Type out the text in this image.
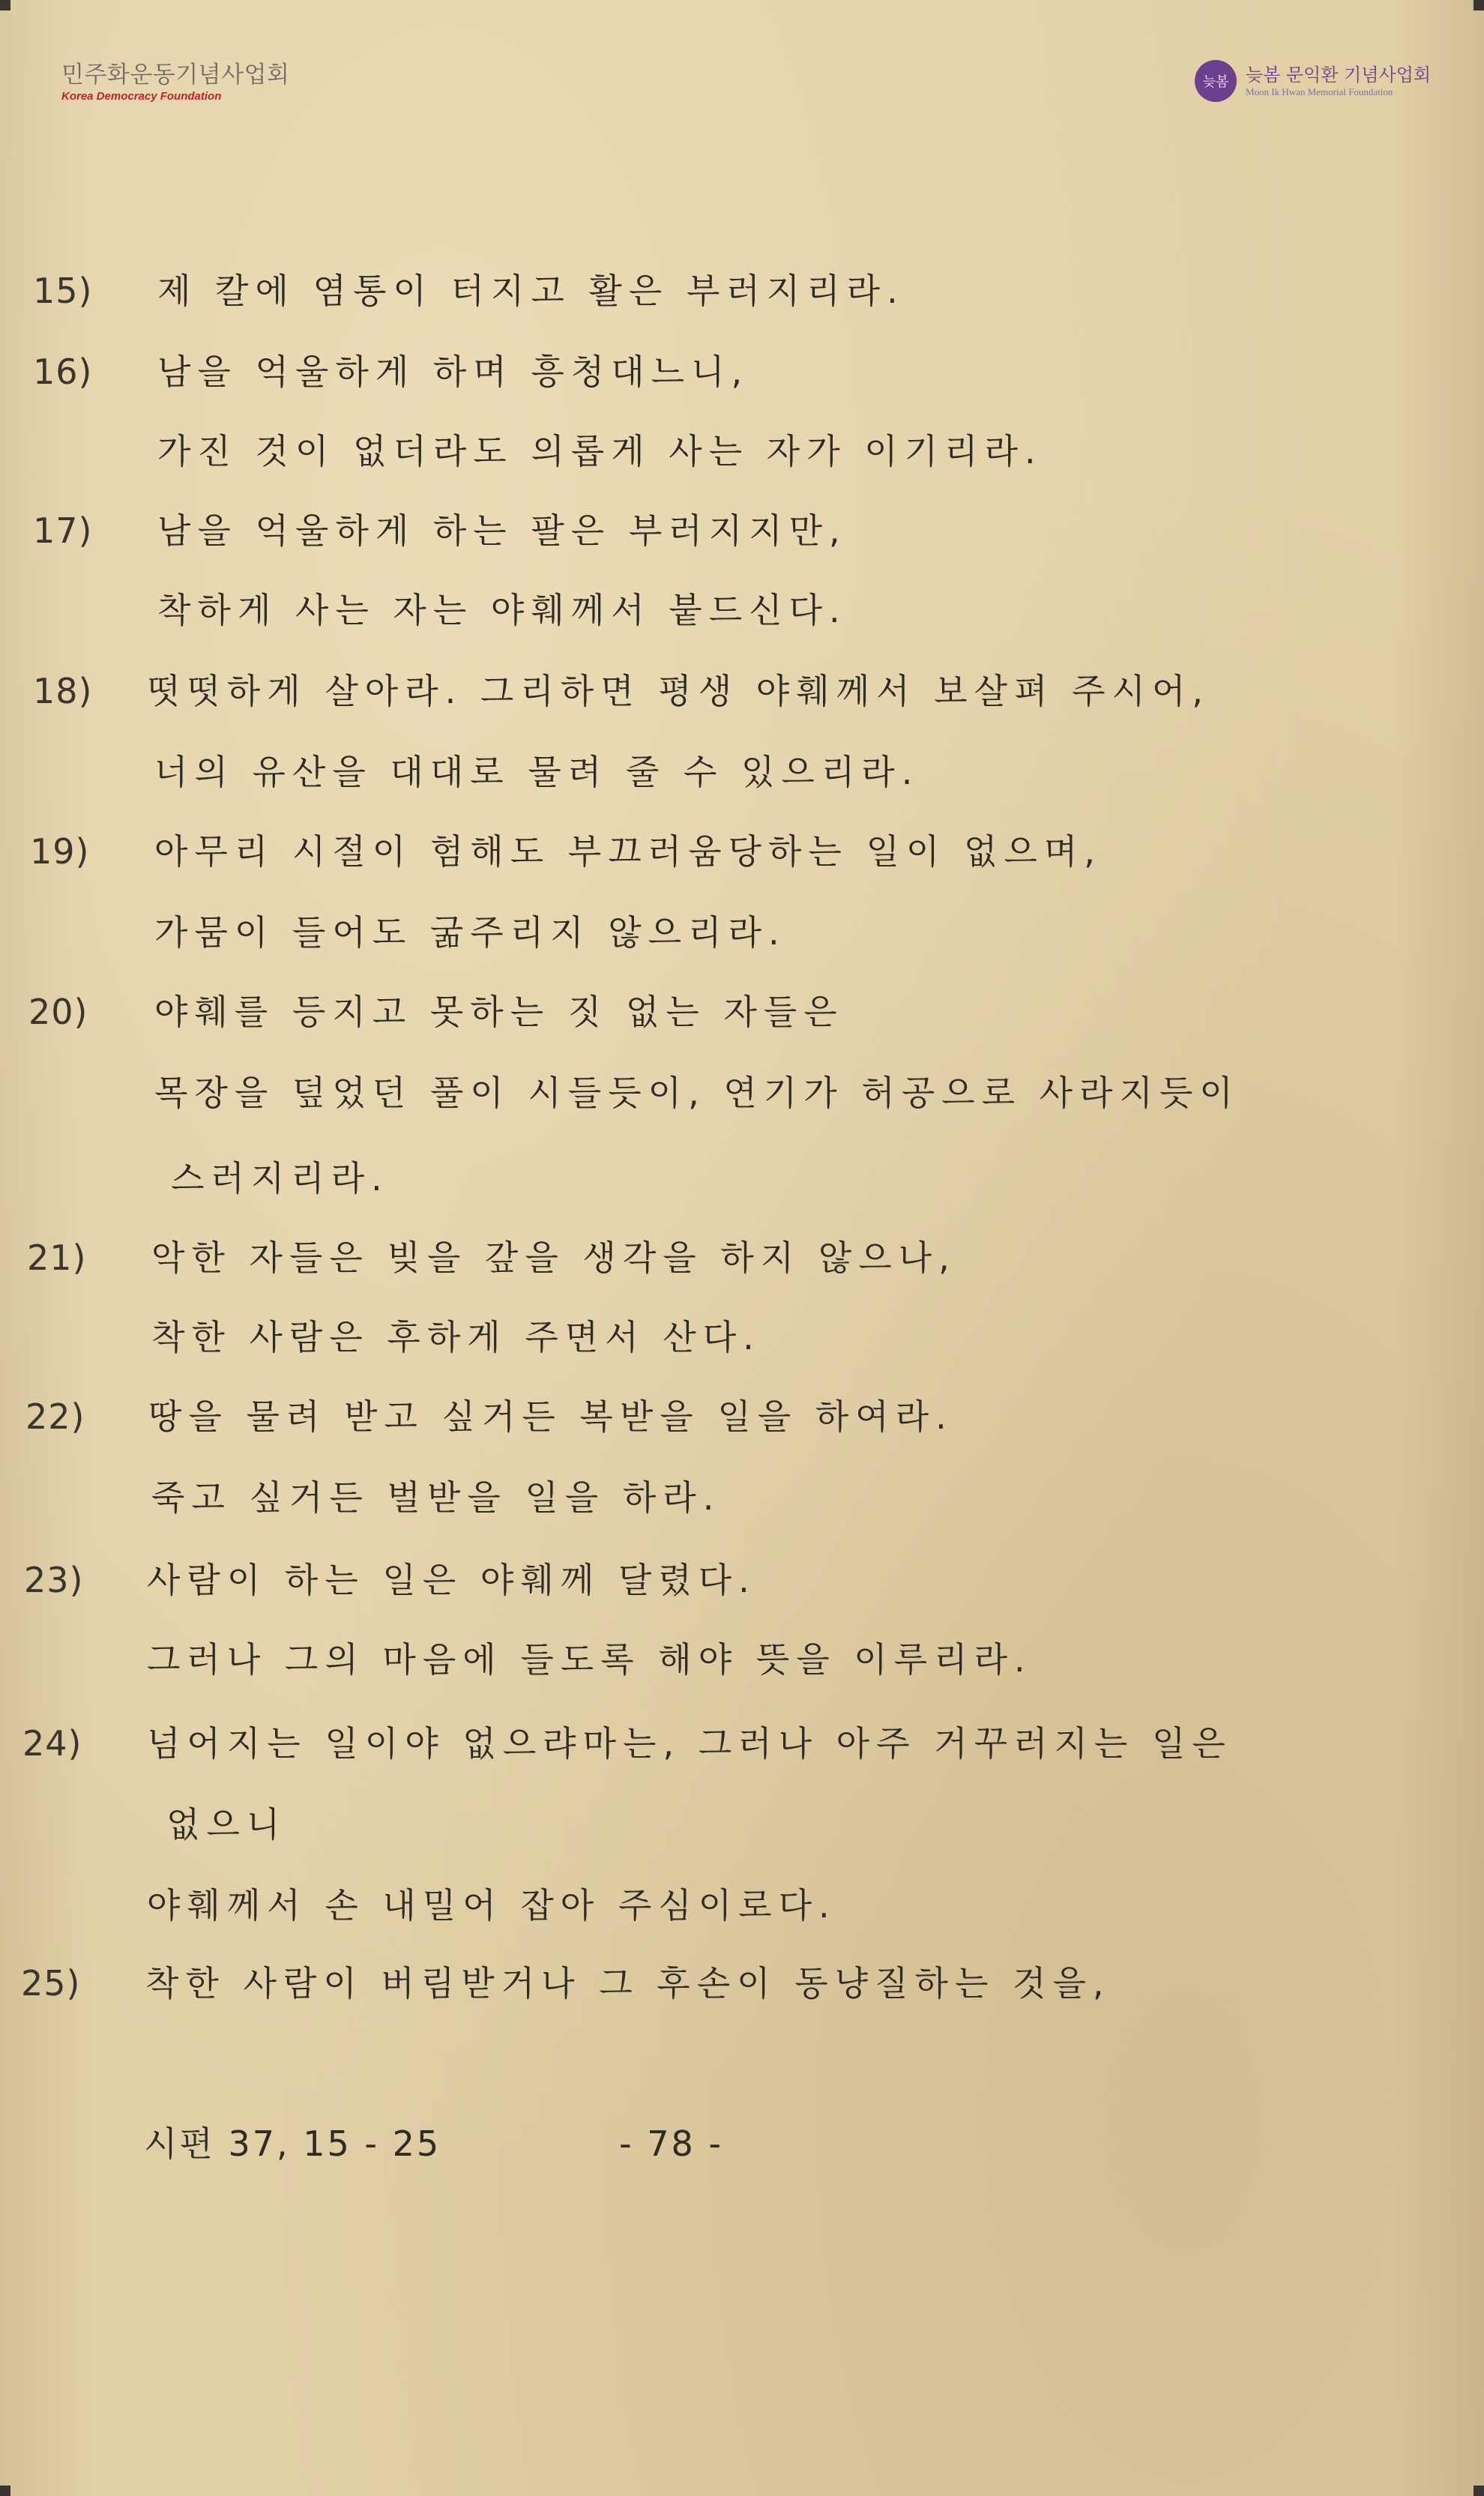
민주화운동기념사업회
Korea Democracy Foundation
늦봄 늦봄 문익환 기념사업회
Moon Ik Hwan Memorial Foundation

15) 제 칼에 염통이 터지고 활은 부러지리라.

16) 남을 억울하게 하며 흥청대느니,

가진 것이 없더라도 의롭게 사는 자가 이기리라.

17) 남을 억울하게 하는 팔은 부러지지만,

착하게 사는 자는 야훼께서 붙드신다.

18) 떳떳하게 살아라. 그리하면 평생 야훼께서 보살펴 주시어,

너의 유산을 대대로 물려 줄 수 있으리라.

19) 아무리 시절이 험해도 부끄러움당하는 일이 없으며,

가뭄이 들어도 굶주리지 않으리라.

20) 야훼를 등지고 못하는 짓 없는 자들은

목장을 덮었던 풀이 시들듯이, 연기가 허공으로 사라지듯이

스러지리라.

21) 악한 자들은 빚을 갚을 생각을 하지 않으나,

착한 사람은 후하게 주면서 산다.

22) 땅을 물려 받고 싶거든 복받을 일을 하여라.

죽고 싶거든 벌받을 일을 하라.

23) 사람이 하는 일은 야훼께 달렸다.

그러나 그의 마음에 들도록 해야 뜻을 이루리라.

24) 넘어지는 일이야 없으랴마는, 그러나 아주 거꾸러지는 일은

없으니

야훼께서 손 내밀어 잡아 주심이로다.

25) 착한 사람이 버림받거나 그 후손이 동냥질하는 것을,

시편 37, 15 - 25	- 78 -
